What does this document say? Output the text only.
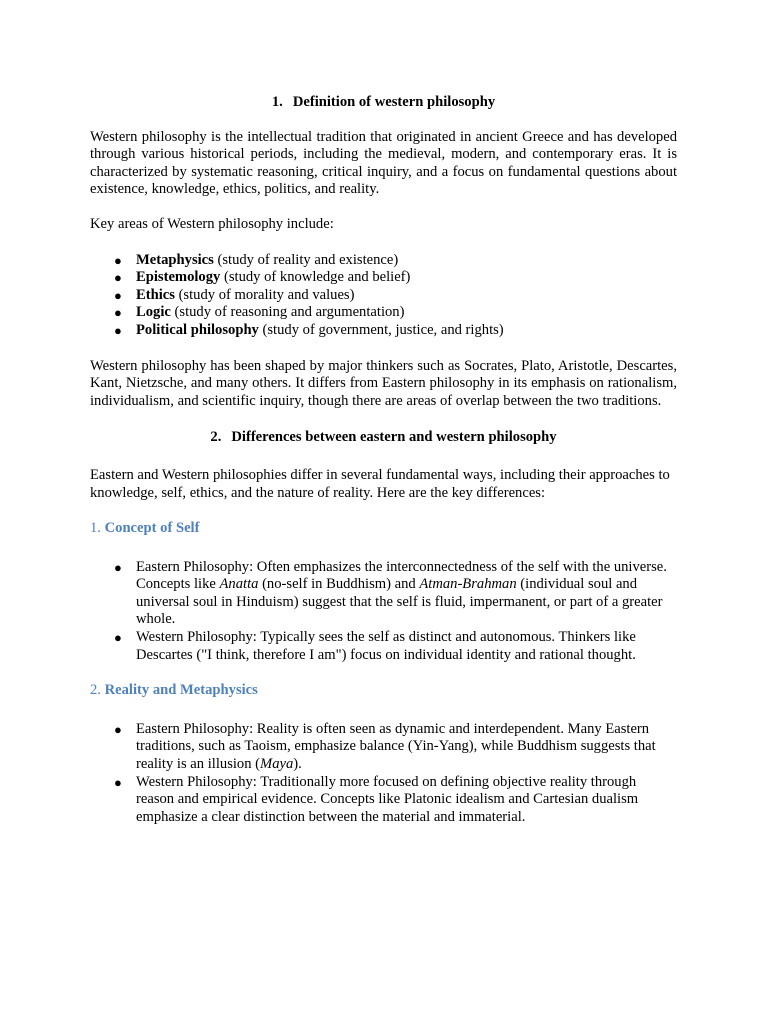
1. Definition of western philosophy

Western philosophy is the intellectual tradition that originated in ancient Greece and has developed through various historical periods, including the medieval, modern, and contemporary eras. It is characterized by systematic reasoning, critical inquiry, and a focus on fundamental questions about existence, knowledge, ethics, politics, and reality.

Key areas of Western philosophy include:

● Metaphysics (study of reality and existence)
● Epistemology (study of knowledge and belief)
● Ethics (study of morality and values)
● Logic (study of reasoning and argumentation)
● Political philosophy (study of government, justice, and rights)

Western philosophy has been shaped by major thinkers such as Socrates, Plato, Aristotle, Descartes, Kant, Nietzsche, and many others. It differs from Eastern philosophy in its emphasis on rationalism, individualism, and scientific inquiry, though there are areas of overlap between the two traditions.

2. Differences between eastern and western philosophy

Eastern and Western philosophies differ in several fundamental ways, including their approaches to knowledge, self, ethics, and the nature of reality. Here are the key differences:

1. Concept of Self
● Eastern Philosophy: Often emphasizes the interconnectedness of the self with the universe. Concepts like Anatta (no-self in Buddhism) and Atman-Brahman (individual soul and universal soul in Hinduism) suggest that the self is fluid, impermanent, or part of a greater whole.
● Western Philosophy: Typically sees the self as distinct and autonomous. Thinkers like Descartes ("I think, therefore I am") focus on individual identity and rational thought.
2. Reality and Metaphysics
● Eastern Philosophy: Reality is often seen as dynamic and interdependent. Many Eastern traditions, such as Taoism, emphasize balance (Yin-Yang), while Buddhism suggests that reality is an illusion (Maya).
● Western Philosophy: Traditionally more focused on defining objective reality through reason and empirical evidence. Concepts like Platonic idealism and Cartesian dualism emphasize a clear distinction between the material and immaterial.
